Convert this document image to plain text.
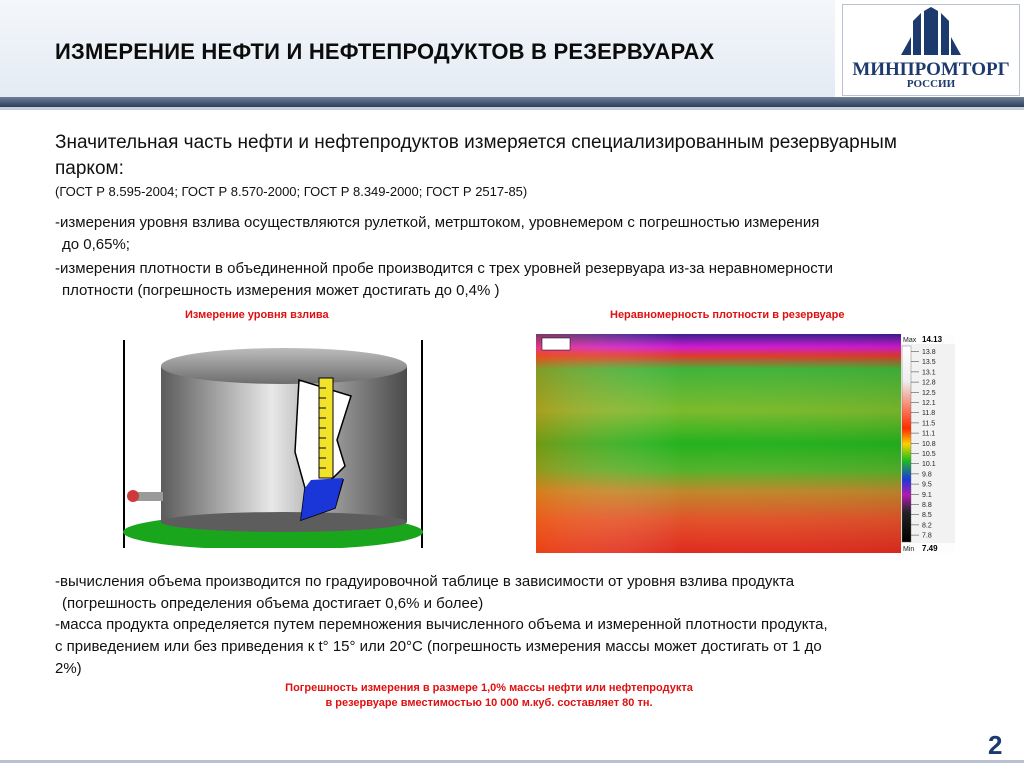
ИЗМЕРЕНИЕ НЕФТИ И НЕФТЕПРОДУКТОВ В РЕЗЕРВУАРАХ
МИНПРОМТОРГ
РОССИИ
Значительная часть нефти и нефтепродуктов измеряется специализированным резервуарным парком:
(ГОСТ Р 8.595-2004; ГОСТ Р 8.570-2000; ГОСТ Р 8.349-2000; ГОСТ Р 2517-85)
-измерения уровня взлива осуществляются рулеткой, метрштоком, уровнемером с погрешностью измерения
до 0,65%;
-измерения плотности в объединенной пробе производится с трех уровней резервуара из-за неравномерности
плотности (погрешность измерения может достигать до 0,4% )
Измерение уровня взлива	Неравномерность плотности в резервуаре
Max 14.13
Min 7.49
13.8
13.5
13.1
12.8
12.5
12.1
11.8
11.5
11.1
10.8
10.5
10.1
9.8
9.5
9.1
8.8
8.5
8.2
7.8
-вычисления объема производится по градуировочной таблице в зависимости от уровня взлива продукта
(погрешность определения объема достигает 0,6% и более)
-масса продукта определяется путем перемножения вычисленного объема и измеренной плотности продукта,
с приведением или без приведения к t° 15° или 20°С (погрешность измерения массы может достигать от 1 до
2%)
Погрешность измерения в размере 1,0% массы нефти или нефтепродукта
в резервуаре вместимостью 10 000 м.куб. составляет 80 тн.
2
